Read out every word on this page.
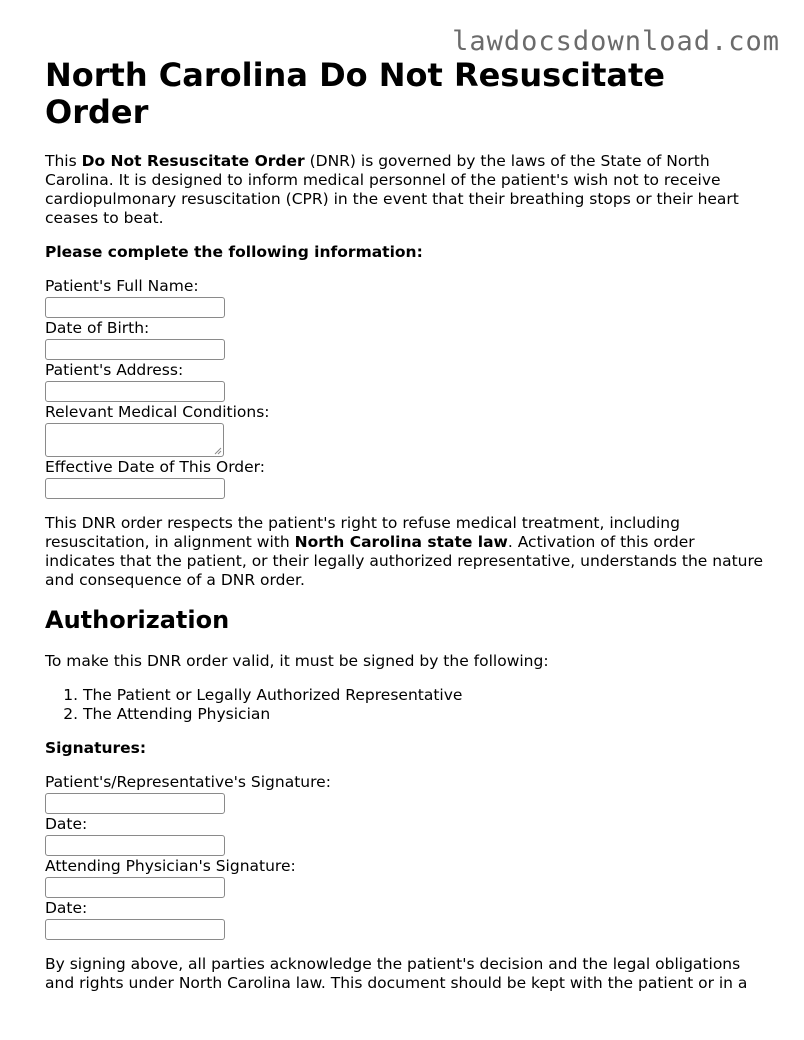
lawdocsdownload.com
North Carolina Do Not Resuscitate Order

This Do Not Resuscitate Order (DNR) is governed by the laws of the State of North Carolina. It is designed to inform medical personnel of the patient's wish not to receive cardiopulmonary resuscitation (CPR) in the event that their breathing stops or their heart ceases to beat.

Please complete the following information:
Patient's Full Name:
Date of Birth:
Patient's Address:
Relevant Medical Conditions:
Effective Date of This Order:

This DNR order respects the patient's right to refuse medical treatment, including resuscitation, in alignment with North Carolina state law. Activation of this order indicates that the patient, or their legally authorized representative, understands the nature and consequence of a DNR order.

Authorization

To make this DNR order valid, it must be signed by the following:

1. The Patient or Legally Authorized Representative
2. The Attending Physician
Signatures:
Patient's/Representative's Signature:
Date:
Attending Physician's Signature:
Date:

By signing above, all parties acknowledge the patient's decision and the legal obligations and rights under North Carolina law. This document should be kept with the patient or in a
